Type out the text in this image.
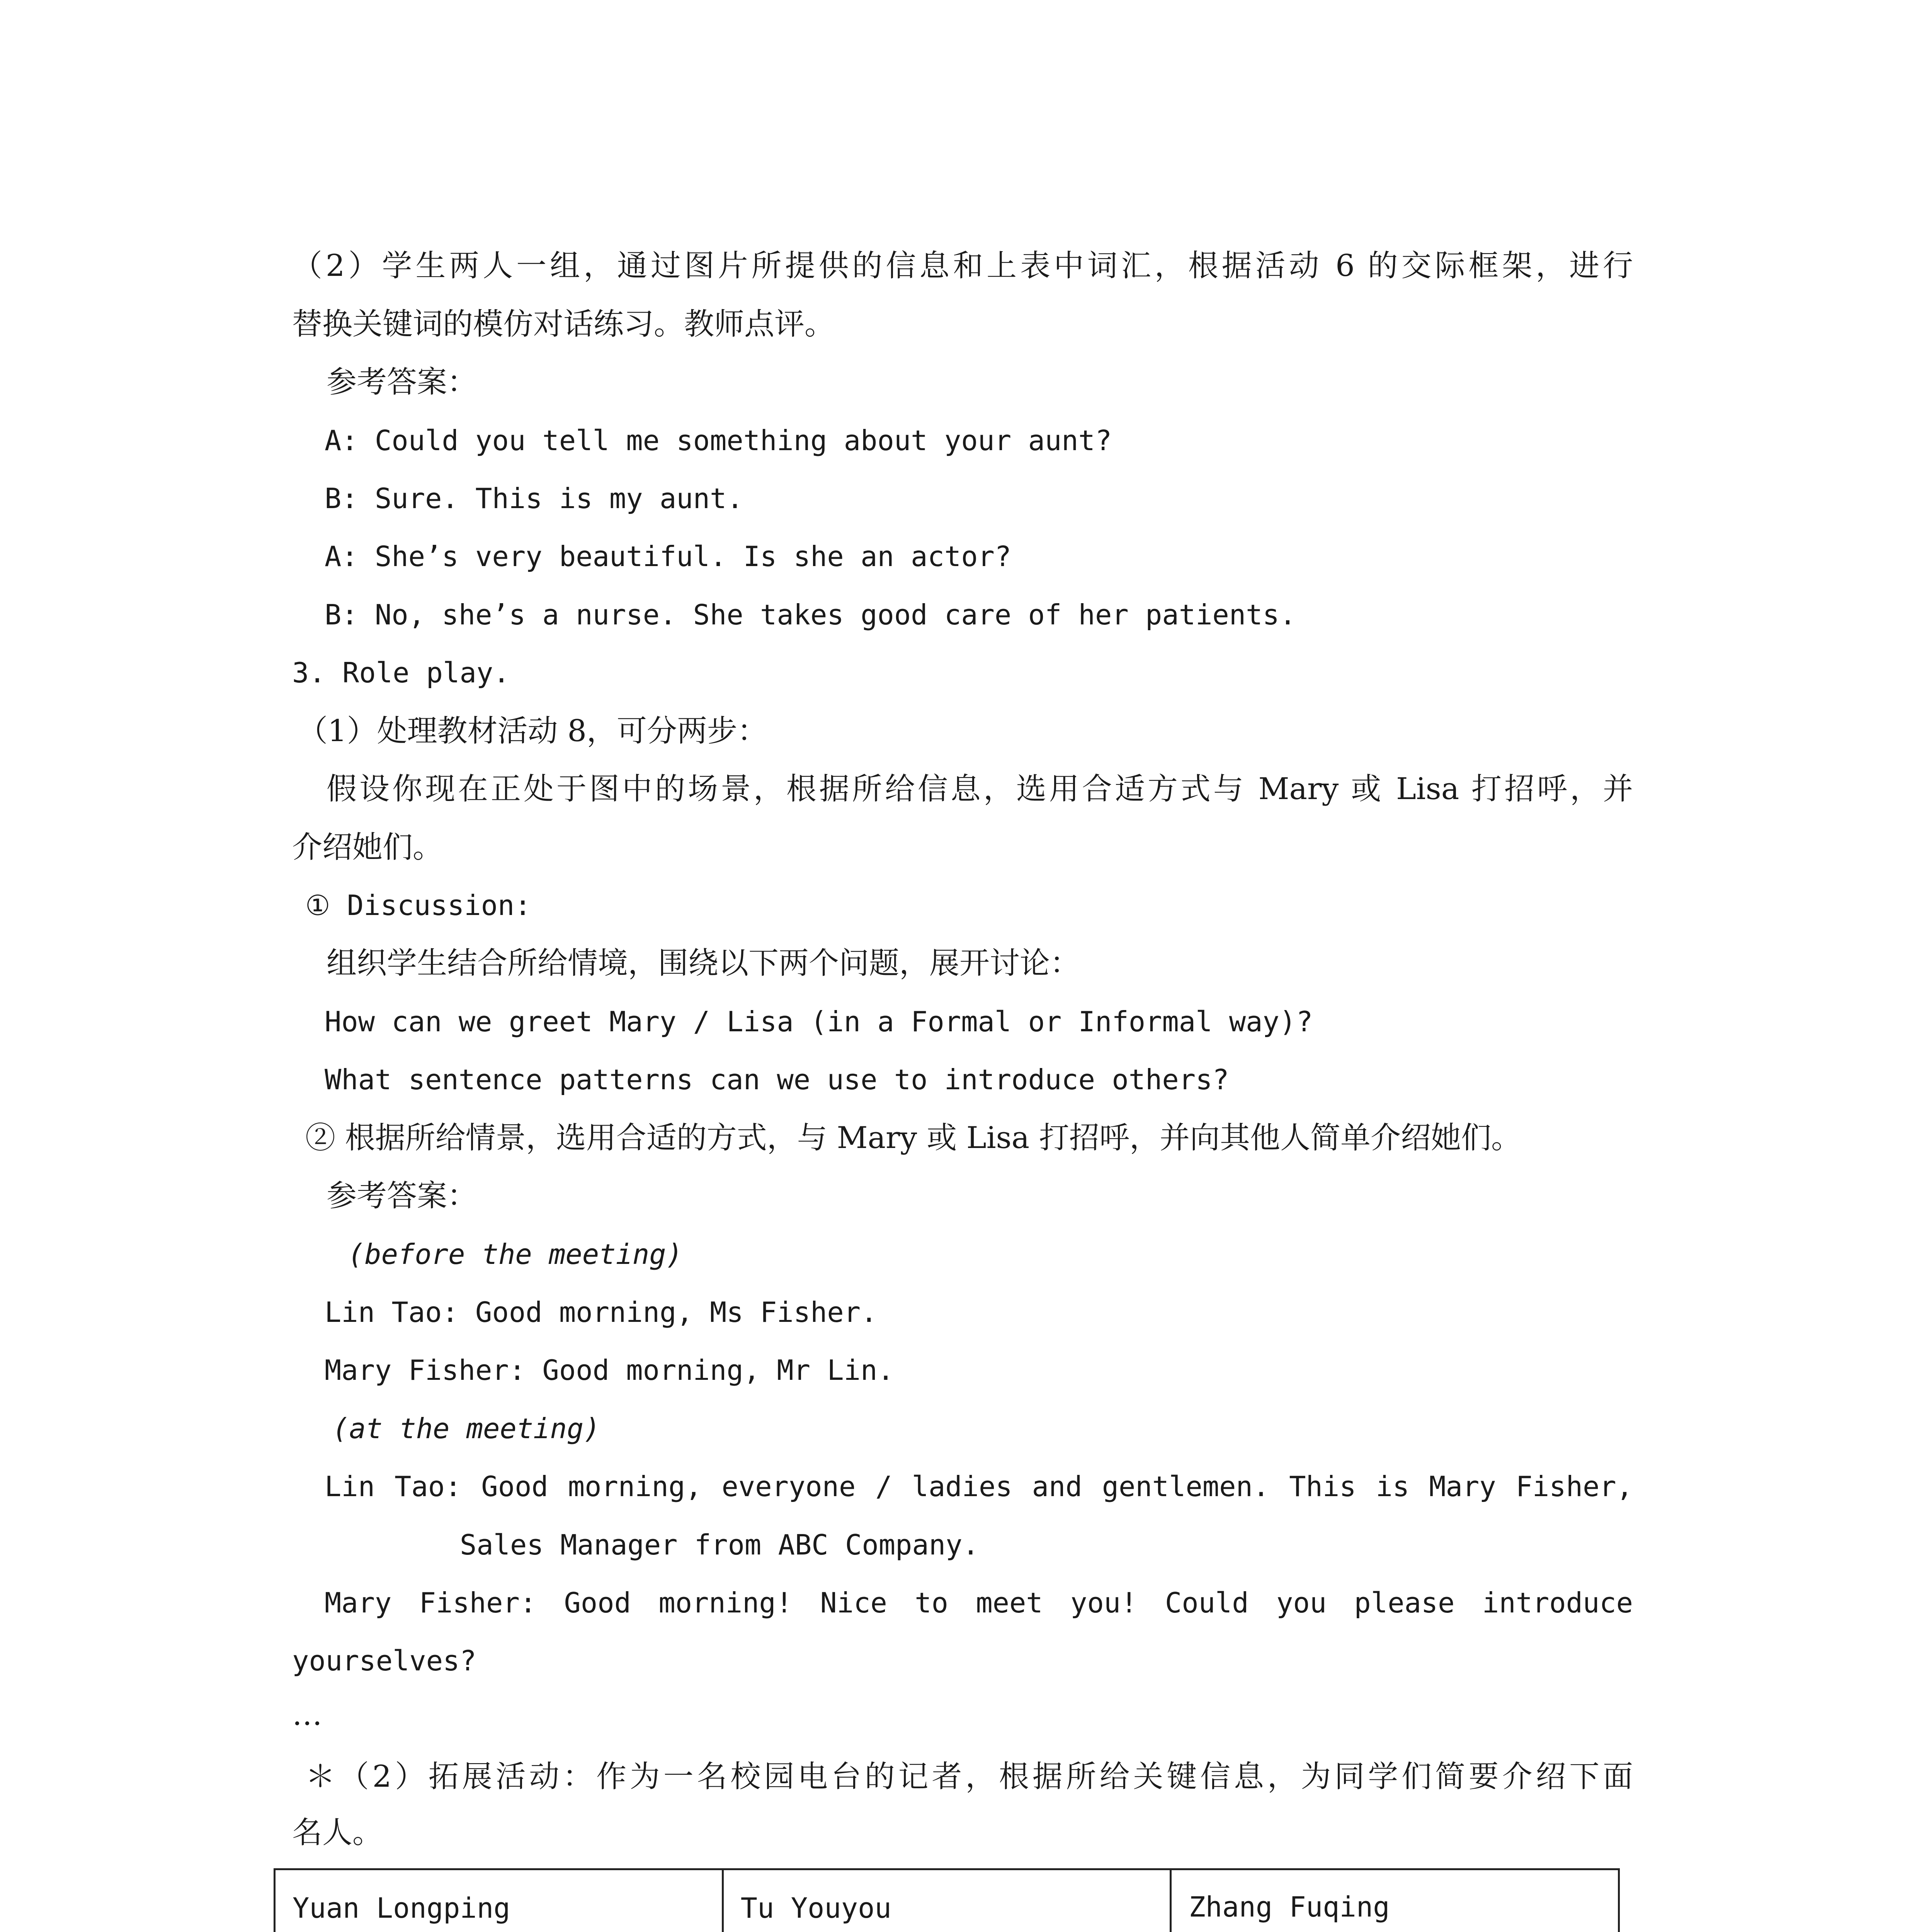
（2）学生两人一组，通过图片所提供的信息和上表中词汇，根据活动 6 的交际框架，进行
替换关键词的模仿对话练习。教师点评。
参考答案：
A: Could you tell me something about your aunt?
B: Sure. This is my aunt.
A: She’s very beautiful. Is she an actor?
B: No, she’s a nurse. She takes good care of her patients.
3. Role play.
（1）处理教材活动 8，可分两步：
假设你现在正处于图中的场景，根据所给信息，选用合适方式与 Mary 或 Lisa 打招呼，并
介绍她们。
① Discussion:
组织学生结合所给情境，围绕以下两个问题，展开讨论：
How can we greet Mary / Lisa (in a Formal or Informal way)?
What sentence patterns can we use to introduce others?
② 根据所给情景，选用合适的方式，与 Mary 或 Lisa 打招呼，并向其他人简单介绍她们。
参考答案：
(before the meeting)
Lin Tao: Good morning, Ms Fisher.
Mary Fisher: Good morning, Mr Lin.
(at the meeting)
Lin Tao: Good morning, everyone / ladies and gentlemen. This is Mary Fisher,
Sales Manager from ABC Company.
Mary Fisher: Good morning! Nice to meet you! Could you please introduce
yourselves?
…
＊（2）拓展活动：作为一名校园电台的记者，根据所给关键信息，为同学们简要介绍下面
名人。
Yuan Longping	Tu Youyou	Zhang Fuqing
